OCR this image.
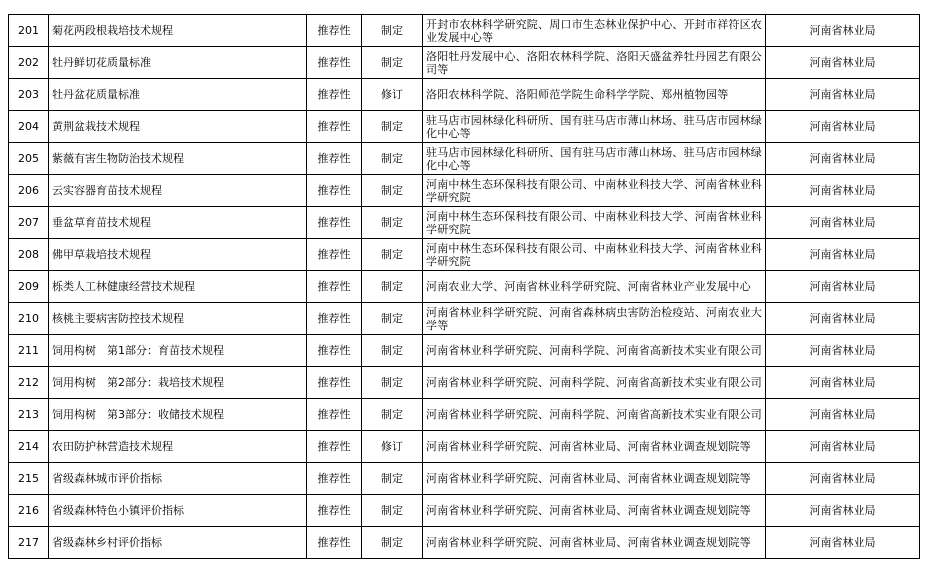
201	菊花两段根栽培技术规程	推荐性	制定	开封市农林科学研究院、周口市生态林业保护中心、开封市祥符区农业发展中心等	河南省林业局
202	牡丹鲜切花质量标准	推荐性	制定	洛阳牡丹发展中心、洛阳农林科学院、洛阳天盛盆养牡丹园艺有限公司等	河南省林业局
203	牡丹盆花质量标准	推荐性	修订	洛阳农林科学院、洛阳师范学院生命科学学院、郑州植物园等	河南省林业局
204	黄荆盆栽技术规程	推荐性	制定	驻马店市园林绿化科研所、国有驻马店市薄山林场、驻马店市园林绿化中心等	河南省林业局
205	紫薇有害生物防治技术规程	推荐性	制定	驻马店市园林绿化科研所、国有驻马店市薄山林场、驻马店市园林绿化中心等	河南省林业局
206	云实容器育苗技术规程	推荐性	制定	河南中林生态环保科技有限公司、中南林业科技大学、河南省林业科学研究院	河南省林业局
207	垂盆草育苗技术规程	推荐性	制定	河南中林生态环保科技有限公司、中南林业科技大学、河南省林业科学研究院	河南省林业局
208	佛甲草栽培技术规程	推荐性	制定	河南中林生态环保科技有限公司、中南林业科技大学、河南省林业科学研究院	河南省林业局
209	栎类人工林健康经营技术规程	推荐性	制定	河南农业大学、河南省林业科学研究院、河南省林业产业发展中心	河南省林业局
210	核桃主要病害防控技术规程	推荐性	制定	河南省林业科学研究院、河南省森林病虫害防治检疫站、河南农业大学等	河南省林业局
211	饲用构树　第1部分：育苗技术规程	推荐性	制定	河南省林业科学研究院、河南科学院、河南省高新技术实业有限公司	河南省林业局
212	饲用构树　第2部分：栽培技术规程	推荐性	制定	河南省林业科学研究院、河南科学院、河南省高新技术实业有限公司	河南省林业局
213	饲用构树　第3部分：收储技术规程	推荐性	制定	河南省林业科学研究院、河南科学院、河南省高新技术实业有限公司	河南省林业局
214	农田防护林营造技术规程	推荐性	修订	河南省林业科学研究院、河南省林业局、河南省林业调查规划院等	河南省林业局
215	省级森林城市评价指标	推荐性	制定	河南省林业科学研究院、河南省林业局、河南省林业调查规划院等	河南省林业局
216	省级森林特色小镇评价指标	推荐性	制定	河南省林业科学研究院、河南省林业局、河南省林业调查规划院等	河南省林业局
217	省级森林乡村评价指标	推荐性	制定	河南省林业科学研究院、河南省林业局、河南省林业调查规划院等	河南省林业局
